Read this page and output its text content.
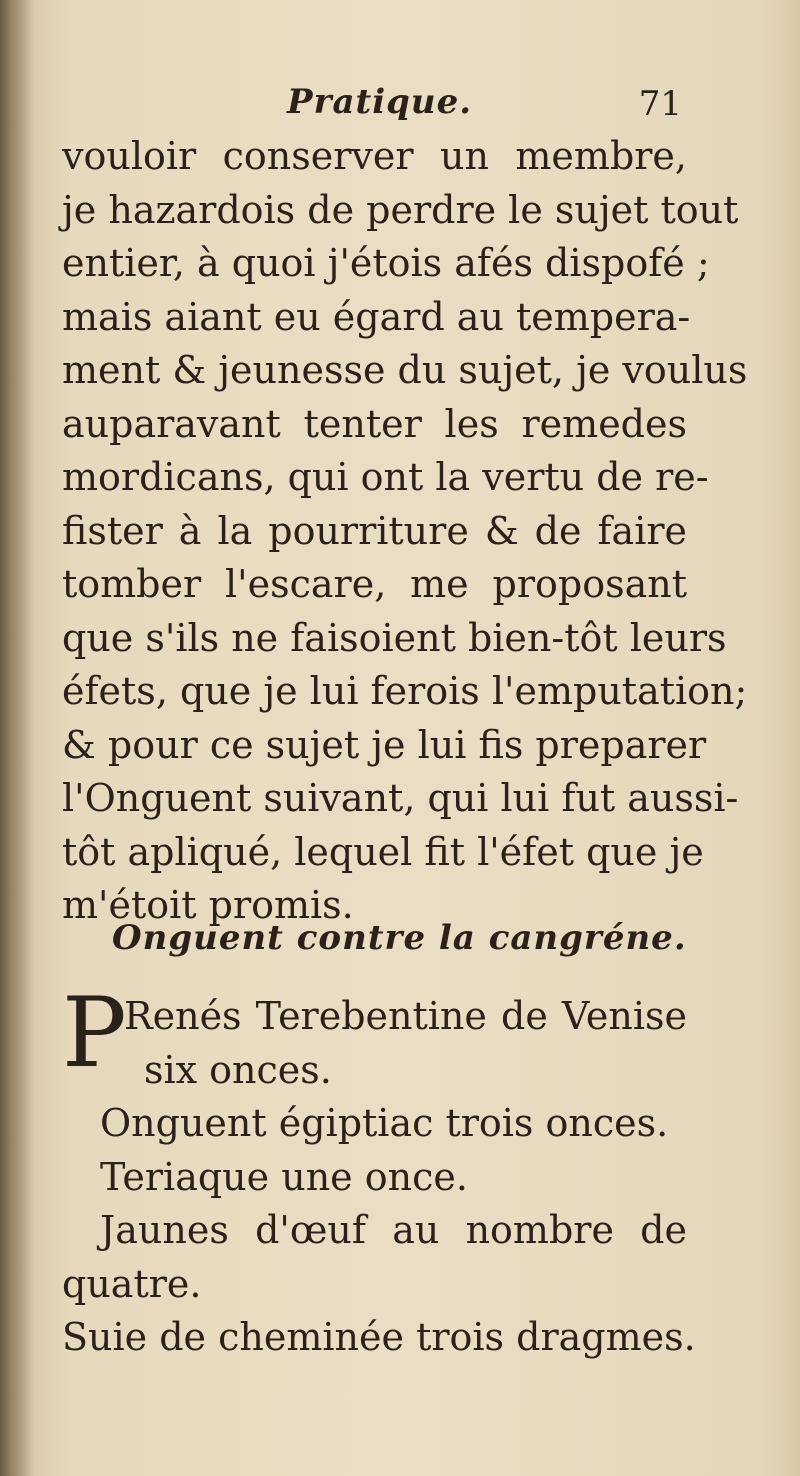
Pratique.	71
vouloir conserver un membre,
je hazardois de perdre le sujet tout
entier, à quoi j'étois afés dispofé ;
mais aiant eu égard au tempera-
ment & jeunesse du sujet, je voulus
auparavant tenter les remedes
mordicans, qui ont la vertu de re-
fister à la pourriture & de faire
tomber l'escare, me proposant
que s'ils ne faisoient bien-tôt leurs
éfets, que je lui ferois l'emputation;
& pour ce sujet je lui fis preparer
l'Onguent suivant, qui lui fut aussi-
tôt apliqué, lequel fit l'éfet que je
m'étoit promis.
Onguent contre la cangréne.
P
Renés Terebentine de Venise
six onces.
Onguent égiptiac trois onces.
Teriaque une once.
Jaunes d'œuf au nombre de
quatre.
Suie de cheminée trois dragmes.
